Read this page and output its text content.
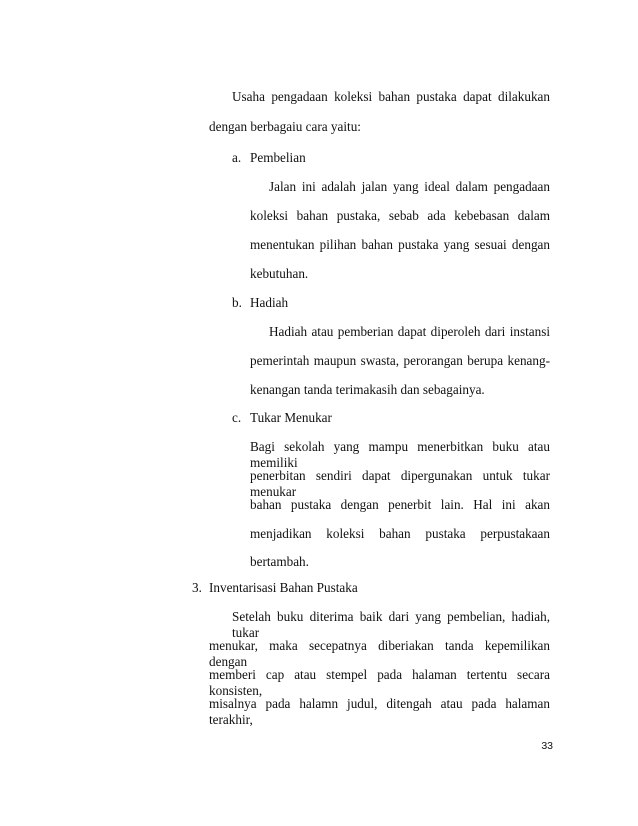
Usaha pengadaan koleksi bahan pustaka dapat dilakukan
dengan berbagaiu cara yaitu:
a. Pembelian
Jalan ini adalah jalan yang ideal dalam pengadaan
koleksi bahan pustaka, sebab ada kebebasan dalam
menentukan pilihan bahan pustaka yang sesuai dengan
kebutuhan.
b. Hadiah
Hadiah atau pemberian dapat diperoleh dari instansi
pemerintah maupun swasta, perorangan berupa kenang-
kenangan tanda terimakasih dan sebagainya.
c. Tukar Menukar
Bagi sekolah yang mampu menerbitkan buku atau memiliki
penerbitan sendiri dapat dipergunakan untuk tukar menukar
bahan pustaka dengan penerbit lain. Hal ini akan
menjadikan koleksi bahan pustaka perpustakaan
bertambah.
3. Inventarisasi Bahan Pustaka
Setelah buku diterima baik dari yang pembelian, hadiah, tukar
menukar, maka secepatnya diberiakan tanda kepemilikan dengan
memberi cap atau stempel pada halaman tertentu secara konsisten,
misalnya pada halamn judul, ditengah atau pada halaman terakhir,
33
